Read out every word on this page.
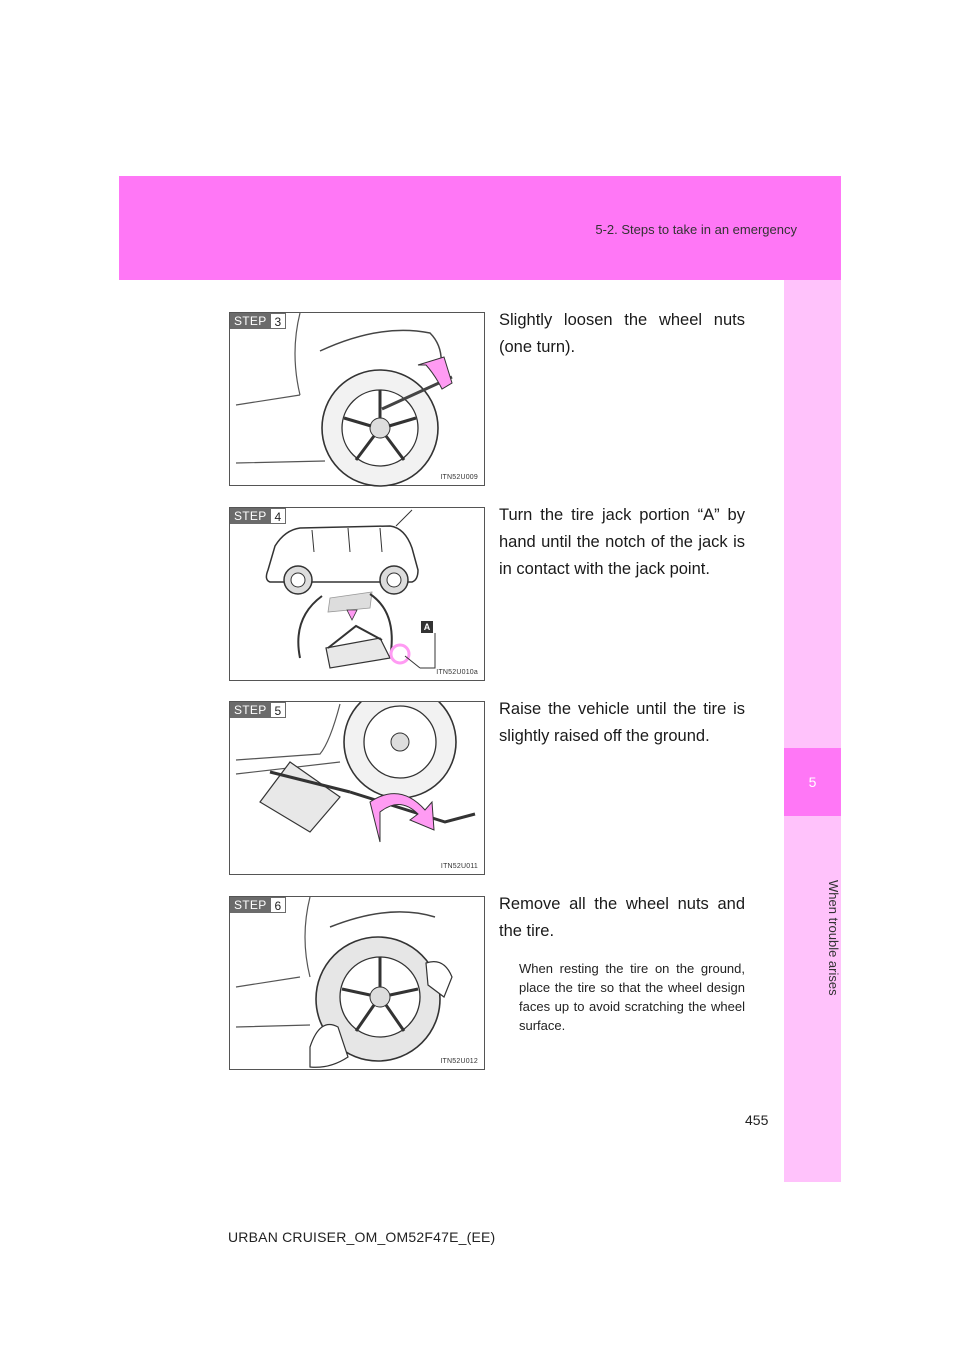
5-2. Steps to take in an emergency
5
When trouble arises
STEP 3
ITN52U009
Slightly loosen the wheel nuts (one turn).
A
STEP 4
ITN52U010a
Turn the tire jack portion “A” by hand until the notch of the jack is in contact with the jack point.
STEP 5
ITN52U011
Raise the vehicle until the tire is slightly raised off the ground.
STEP 6
ITN52U012
Remove all the wheel nuts and the tire.
When resting the tire on the ground, place the tire so that the wheel design faces up to avoid scratching the wheel surface.
455
URBAN CRUISER_OM_OM52F47E_(EE)
